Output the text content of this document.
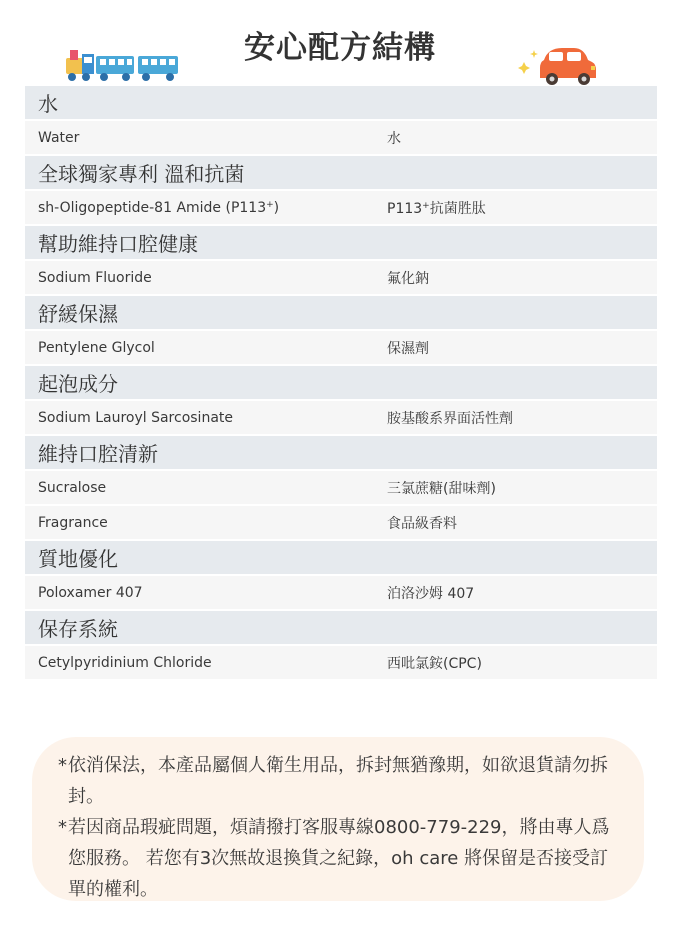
安心配方結構
水
Water	水
全球獨家專利 溫和抗菌
sh-Oligopeptide-81 Amide (P113+)	P113+抗菌胜肽
幫助維持口腔健康
Sodium Fluoride	氟化鈉
舒緩保濕
Pentylene Glycol	保濕劑
起泡成分
Sodium Lauroyl Sarcosinate	胺基酸系界面活性劑
維持口腔清新
Sucralose	三氯蔗糖(甜味劑)
Fragrance	食品級香料
質地優化
Poloxamer 407	泊洛沙姆 407
保存系統
Cetylpyridinium Chloride	西吡氯銨(CPC)
* 依消保法，本產品屬個人衛生用品，拆封無猶豫期，如欲退貨請勿拆封。
* 若因商品瑕疵問題，煩請撥打客服專線0800-779-229，將由專人爲您服務。 若您有3次無故退換貨之紀錄，oh care 將保留是否接受訂單的權利。
